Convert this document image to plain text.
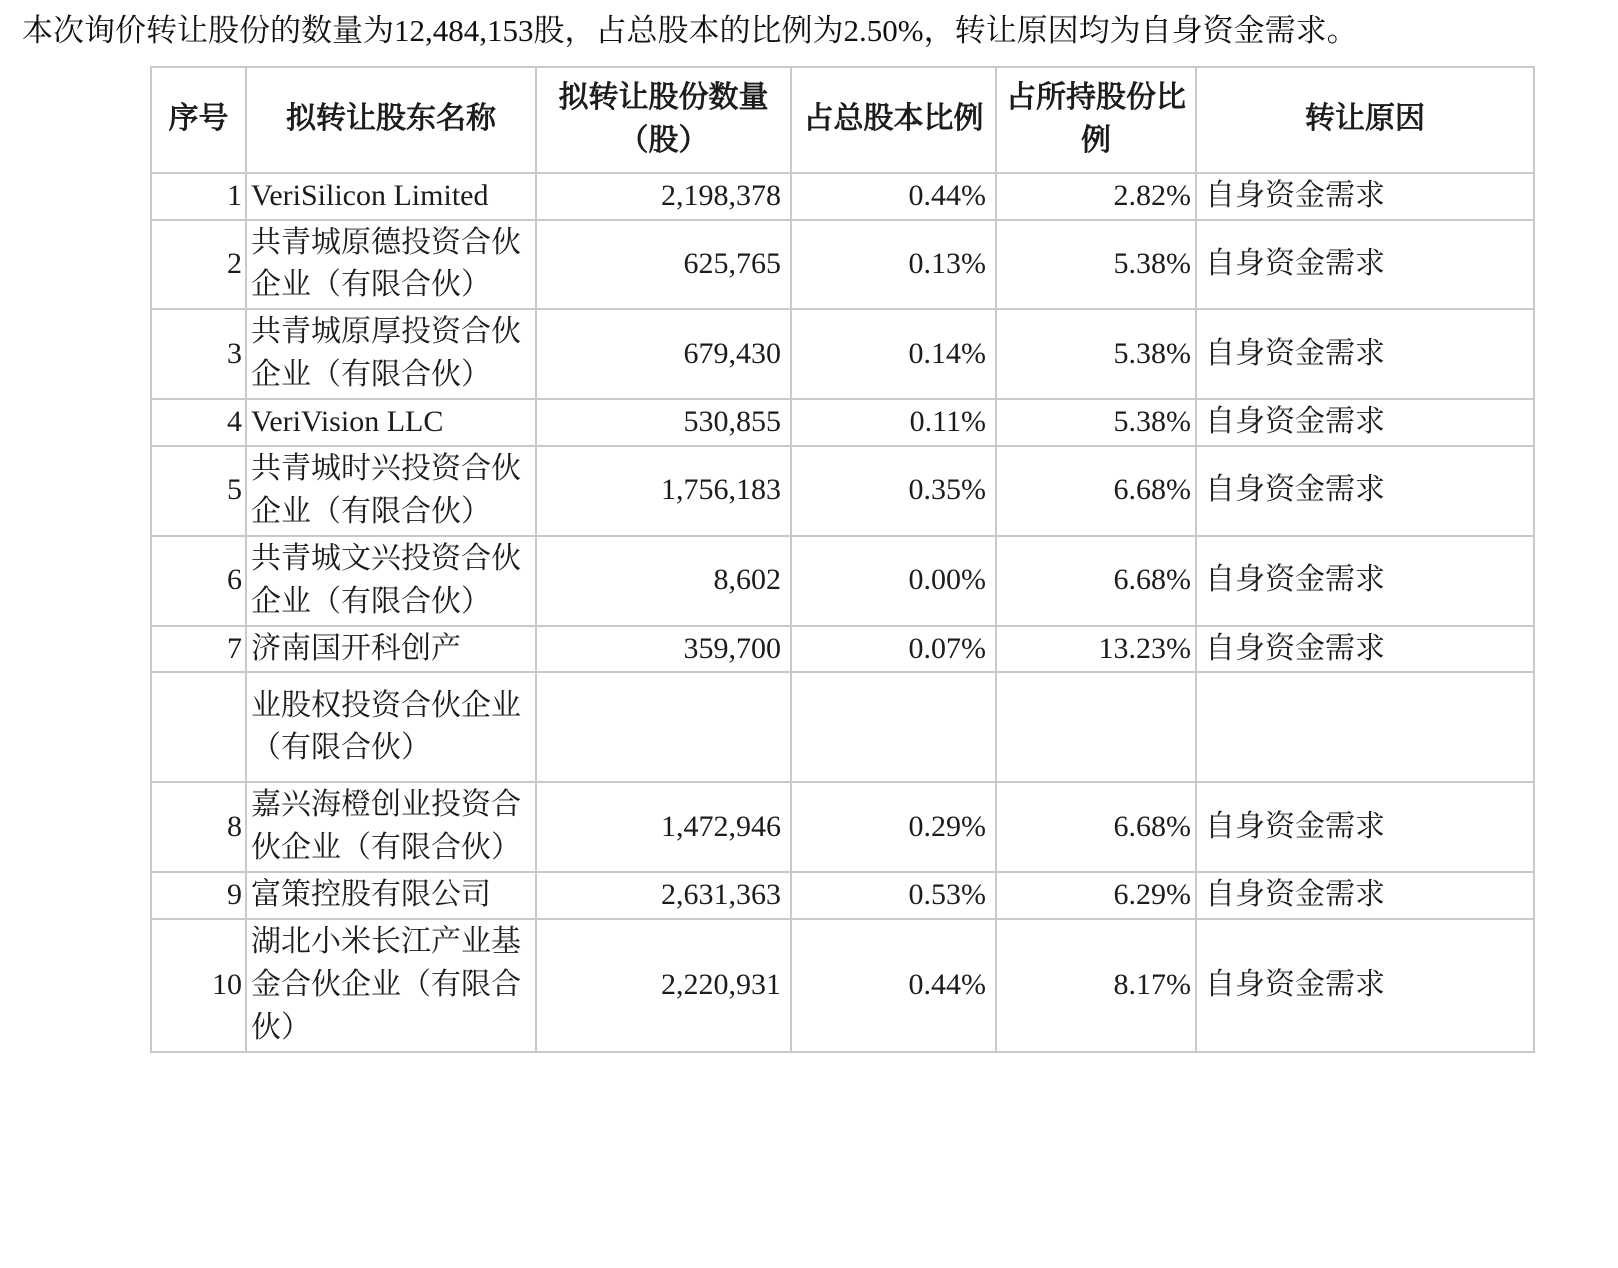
本次询价转让股份的数量为12,484,153股，占总股本的比例为2.50%，转让原因均为自身资金需求。

序号	拟转让股东名称	拟转让股份数量（股）	占总股本比例	占所持股份比例	转让原因
1	VeriSilicon Limited	2,198,378	0.44%	2.82%	自身资金需求
2	共青城原德投资合伙企业（有限合伙）	625,765	0.13%	5.38%	自身资金需求
3	共青城原厚投资合伙企业（有限合伙）	679,430	0.14%	5.38%	自身资金需求
4	VeriVision LLC	530,855	0.11%	5.38%	自身资金需求
5	共青城时兴投资合伙企业（有限合伙）	1,756,183	0.35%	6.68%	自身资金需求
6	共青城文兴投资合伙企业（有限合伙）	8,602	0.00%	6.68%	自身资金需求
7	济南国开科创产	359,700	0.07%	13.23%	自身资金需求
	业股权投资合伙企业（有限合伙）				
8	嘉兴海橙创业投资合伙企业（有限合伙）	1,472,946	0.29%	6.68%	自身资金需求
9	富策控股有限公司	2,631,363	0.53%	6.29%	自身资金需求
10	湖北小米长江产业基金合伙企业（有限合伙）	2,220,931	0.44%	8.17%	自身资金需求
